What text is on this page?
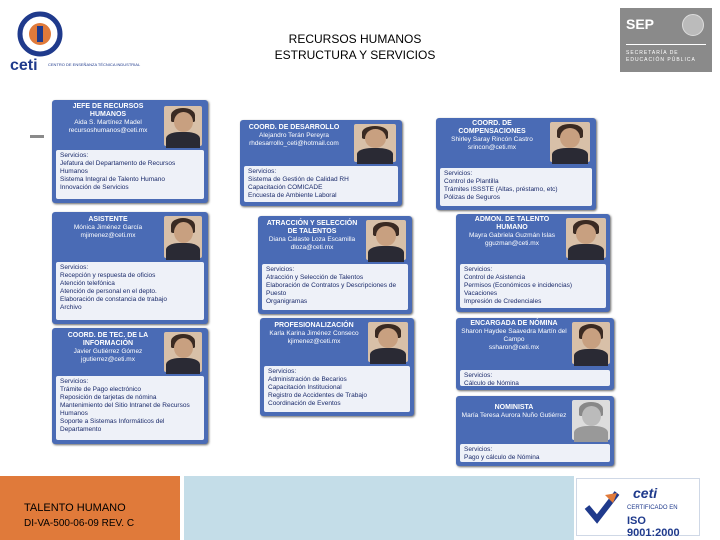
ceti	CENTRO DE ENSEÑANZA TÉCNICA INDUSTRIAL
RECURSOS HUMANOS
ESTRUCTURA Y SERVICIOS
SEP
SECRETARÍA DE EDUCACIÓN PÚBLICA
JEFE DE RECURSOS HUMANOS
Aida S. Martínez Madel
recursoshumanos@ceti.mx
Servicios:
Jefatura del Departamento de Recursos Humanos
Sistema Integral de Talento Humano
Innovación de Servicios
ASISTENTE
Mónica Jiménez García
mjimenez@ceti.mx
Servicios:
Recepción y respuesta de oficios
Atención telefónica
Atención de personal en el depto.
Elaboración de constancia de trabajo
Archivo
COORD. DE TEC. DE LA INFORMACIÓN
Javier Gutiérrez Gómez
jgutierrez@ceti.mx
Servicios:
Trámite de Pago electrónico
Reposición de tarjetas de nómina
Mantenimiento del Sitio Intranet de Recursos Humanos
Soporte a Sistemas Informáticos del Departamento
COORD. DE DESARROLLO
Alejandro Terán Pereyra
rhdesarrollo_ceti@hotmail.com
Servicios:
Sistema de Gestión de Calidad RH
Capacitación COMICADE
Encuesta de Ambiente Laboral
ATRACCIÓN Y SELECCIÓN DE TALENTOS
Diana Calaste Loza Escamilla
dloza@ceti.mx
Servicios:
Atracción y Selección de Talentos
Elaboración de Contratos y Descripciones de Puesto
Organigramas
PROFESIONALIZACIÓN
Karla Karina Jiménez Conseco
kjimenez@ceti.mx
Servicios:
Administración de Becarios
Capacitación Institucional
Registro de Accidentes de Trabajo
Coordinación de Eventos
COORD. DE COMPENSACIONES
Shirley Saray Rincón Castro
srincon@ceti.mx
Servicios:
Control de Plantilla
Trámites ISSSTE (Altas, préstamo, etc)
Pólizas de Seguros
ADMON. DE TALENTO HUMANO
Mayra Gabriela Guzmán Islas
gguzman@ceti.mx
Servicios:
Control de Asistencia
Permisos (Económicos e incidencias)
Vacaciones
Impresión de Credenciales
ENCARGADA DE NÓMINA
Sharon Haydee Saavedra Martín del Campo
ssharon@ceti.mx
Servicios:
Cálculo de Nómina
NOMINISTA
María Teresa Aurora Nuño Gutiérrez
Servicios:
Pago y cálculo de Nómina
TALENTO HUMANO
DI-VA-500-06-09 REV. C
ceti
CERTIFICADO EN
ISO 9001:2000
